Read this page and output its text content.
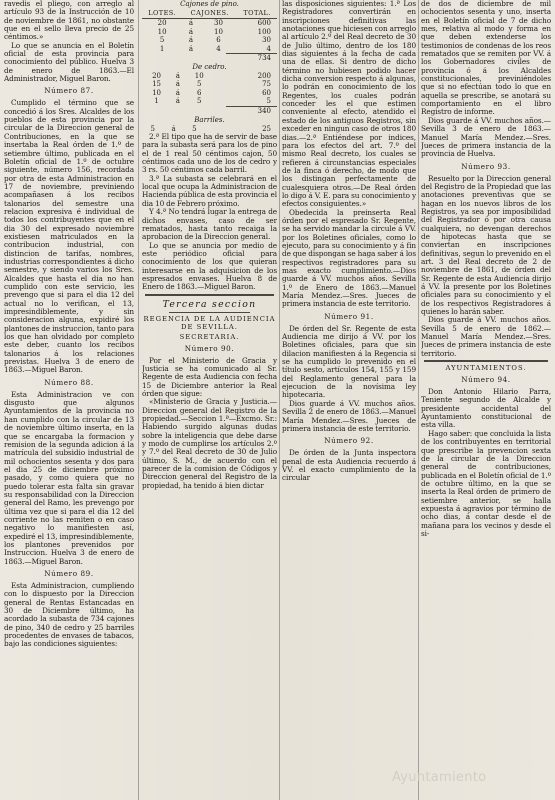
ravedis el pliego, con arreglo al artículo 93 de la Instrucción de 10 de noviembre de 1861, no obstante que en el sello lleva precio de 25 céntimos.»
Lo que se anuncia en el Boletín oficial de esta provincia para conocimiento del público. Huelva 3 de enero de 1863.—El Administrador, Miguel Baron.
Número 87.
Cumplido el término que se concedió á los Sres. Alcaldes de los pueblos de esta provincia por la circular de la Direccion general de Contribuciones, en la que se insertaba la Real órden de 1.º de setiembre último, publicada en el Boletín oficial de 1.º de octubre siguiente, número 156, recordada por otra de esta Administracion en 17 de noviembre, previniendo acompañasen á los recibos talonarios del semestre una relacion expresiva é individual de todos los contribuyentes que en el dia 30 del expresado noviembre existiesen matriculados en la contribucion industrial, con distincion de tarifas, nombres, industrias correspondientes á dicho semestre, y siendo varios los Sres. Alcaldes que hasta el dia no han cumplido con este servicio, les prevengo que si para el dia 12 del actual no lo verifican, el 13, impresindiblemente, y sin consideracion alguna, expidiré los plantones de instruccion, tanto para los que han olvidado por completo este deber, cuanto los recibos talonarios á los relaciones previstas. Huelva 3 de enero de 1863.—Miguel Baron.
Número 88.
Esta Administracion ve con disgusto que algunos Ayuntamientos de la provincia no han cumplido con la circular de 13 de noviembre último inserta, en la que se encargaba la formacion y remision de la segunda adicion á la matrícula del subsidio industrial de mil ochocientos sesenta y dos para el dia 25 de diciembre próximo pasado, y como quiera que no puedo tolerar esta falta sin gravar su responsabilidad con la Direccion general del Ramo, les prevengo por última vez que si para el dia 12 del corriente no las remiten o en caso negativo lo manifiesten así, expediré el 13, impresindiblemente, los plantones prevenidos por Instruccion. Huelva 3 de enero de 1863.—Miguel Baron.
Número 89.
Esta Administracion, cumpliendo con lo dispuesto por la Direccion general de Rentas Estancadas en 30 de Diciembre último, ha acordado la subasta de 734 cajones de pino, 340 de cedro y 25 barriles procedentes de envases de tabacos, bajo las condiciones siguientes:
Cajones de pino.
LOTES.	CAJONES.		TOTAL.
20	á	30	600
10	á	10	100
5	á	6	30
1	á	4	4
734
De cedro.
20	á	10	200
15	á	5	75
10	á	6	60
1	á	5	5
340
Barriles.
5	á	5	25
2.ª El tipo que ha de servir de base para la subasta será para los de pino el de 1 real 50 céntimos cajon, 50 céntimos cada uno de los de cedro y 3 rs. 50 céntimos cada barril.
3.ª La subasta se celebrará en el local que ocupa la Administracion de Hacienda pública de esta provincia el dia 10 de Febrero próximo.
Y 4.ª No tendrá lugar la entrega de dichos envases, caso de ser rematados, hasta tanto recaiga la aprobacion de la Direccion general.
Lo que se anuncia por medio de este periódico oficial para conocimiento de los que quieran interesarse en la adquisicion de los espresados envases. Huelva 8 de Enero de 1863.—Miguel Baron.
Tercera seccion
REGENCIA DE LA AUDIENCIA DE SEVILLA.
SECRETARIA.
Número 90.
Por el Ministerio de Gracia y Justicia se ha comunicado al Sr. Regente de esta Audiencia con fecha 15 de Diciembre anterior la Real órden que sigue:
«Ministerio de Gracia y Justicia.—Direccion general del Registro de la propiedad.—Seccion 1.ª—Excmo. Sr.: Habiendo surgido algunas dudas sobre la inteligencia que debe darse y modo de cumplirse los artículos 2.º y 7.º del Real decreto de 30 de Julio último, S. M., de acuerdo con el parecer de la comision de Códigos y Direccion general del Registro de la propiedad, ha tenido á bien dictar
las disposiciones siguientes: 1.ª Los Registradores convertirán en inscripciones definitivas las anotaciones que hiciesen con arreglo al artículo 2.º del Real decreto de 30 de Julio último, dentro de los 180 dias siguientes á la fecha de cada una de ellas. Si dentro de dicho término no hubiesen podido hacer dicha conversion respecto á algunas, lo podrán en conocimiento de los Regentes, los cuales podrán conceder les el que estimen conveniente al efecto, atendido el estado de los antiguos Registros, sin exceder en ningun caso de otros 180 dias.—2.ª Entiéndese por indices, para los efectos del art. 7.º del mismo Real decreto, los cuales se refieren á circunstancias especiales de la finca ó derecho, de modo que los distingan perfectamente de cualesquiera otros.—De Real órden lo digo á V. E. para su conocimiento y efectos consiguientes.»
Obedecida la preinserta Real órden por el espresado Sr. Regente, se ha servido mandar la circule á VV. por los Boletines oficiales, como lo ejecuto, para su conocimiento y á fin de que dispongan se haga saber á los respectivos registradores para su mas exacto cumplimiento.—Dios guarde á VV. muchos años. Sevilla 1.º de Enero de 1863.—Manuel María Mendez.—Sres. Jueces de primera instancia de este territorio.
Número 91.
De órden del Sr. Regente de esta Audiencia me dirijo á VV. por los Boletines oficiales, para que sin dilacion manifiesten á la Regencia si se ha cumplido lo prevenido en el título sesto, artículos 154, 155 y 159 del Reglamento general para la ejecucion de la novísima ley hipotecaria.
Dios guarde á VV. muchos años. Sevilla 2 de enero de 1863.—Manuel María Mendez.—Sres. Jueces de primera instancia de este territorio.
Número 92.
De órden de la Junta inspectora penal de esta Audiencia recuerdo á VV. el exacto cumplimiento de la circular
de dos de diciembre de mil ochocientos sesenta y uno, inserta en el Boletín oficial de 7 de dicho mes, relativa al modo y forma en que deben extenderse los testimonios de condenas de los reos rematados que se remiten por VV. á los Gobernadores civiles de provincia ó á los Alcaldes constitucionales, previniéndoles que si no efectúan todo lo que en aquella se prescribe, se anotará su comportamiento en el libro Registro de informe.
Dios guarde á VV. muchos años.—Sevilla 3 de enero de 1863.—Manuel María Mendez.—Sres. Jueces de primera instancia de la provincia de Huelva.
Número 93.
Resuelto por la Direccion general del Registro de la Propiedad que las anotaciones preventivas que se hagan en los nuevos libros de los Registros, ya sea por imposibilidad del Registrador ó por otra causa cualquiera, no devengan derechos de hipotecas hasta que se conviertan en inscripciones definitivas, segun lo prevenido en el art. 3 del Real decreto de 2 de noviembre de 1861, de órden del Sr. Regente de esta Audiencia dirijo á VV. la presente por los Boletines oficiales para su conocimiento y el de los respectivos Registradores á quienes lo harán saber.
Dios guarde á VV. muchos años. Sevilla 5 de enero de 1862.—Manuel María Mendez.—Sres. Jueces de primera instancia de este territorio.
AYUNTAMIENTOS.
Número 94.
Don Antonio Hilario Parra, Teniente segundo de Alcalde y presidente accidental del Ayuntamiento constitucional de esta villa.
Hago saber: que concluida la lista de los contribuyentes en territorial que prescribe la prevencion sexta de la circular de la Direccion general de contribuciones, publicada en el Boletín oficial de 1.º de octubre último, en la que se inserta la Real órden de primero de setiembre anterior, se halla expuesta á agravios por término de ocho dias, á contar desde el de mañana para los vecinos y desde el si-
Ayuntamiento
